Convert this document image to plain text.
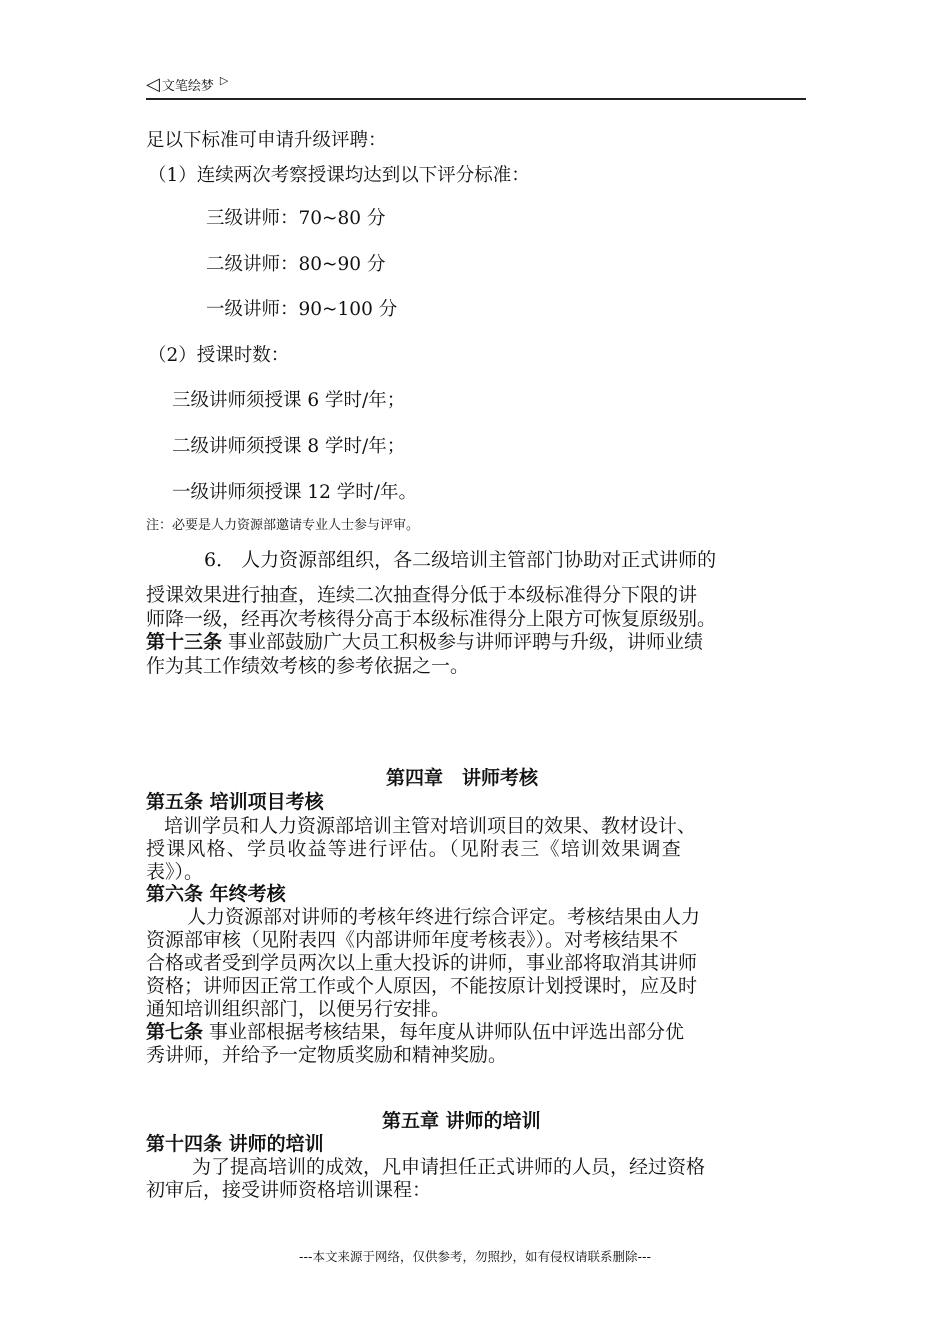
◁ 文笔绘梦 ▷
足以下标准可申请升级评聘：
（1）连续两次考察授课均达到以下评分标准：
三级讲师：70~80 分
二级讲师：80~90 分
一级讲师：90~100 分
（2）授课时数：
三级讲师须授课 6 学时/年；
二级讲师须授课 8 学时/年；
一级讲师须授课 12 学时/年。
注：必要是人力资源部邀请专业人士参与评审。
6． 人力资源部组织，各二级培训主管部门协助对正式讲师的
授课效果进行抽查，连续二次抽查得分低于本级标准得分下限的讲
师降一级，经再次考核得分高于本级标准得分上限方可恢复原级别。
第十三条 事业部鼓励广大员工积极参与讲师评聘与升级，讲师业绩
作为其工作绩效考核的参考依据之一。
第四章　讲师考核
第五条 培训项目考核
培训学员和人力资源部培训主管对培训项目的效果、教材设计、
授课风格、学员收益等进行评估。（见附表三《培训效果调查
表》）。
第六条 年终考核
人力资源部对讲师的考核年终进行综合评定。考核结果由人力
资源部审核（见附表四《内部讲师年度考核表》）。对考核结果不
合格或者受到学员两次以上重大投诉的讲师，事业部将取消其讲师
资格；讲师因正常工作或个人原因，不能按原计划授课时，应及时
通知培训组织部门，以便另行安排。
第七条 事业部根据考核结果，每年度从讲师队伍中评选出部分优
秀讲师，并给予一定物质奖励和精神奖励。
第五章 讲师的培训
第十四条 讲师的培训
为了提高培训的成效，凡申请担任正式讲师的人员，经过资格
初审后，接受讲师资格培训课程：
---本文来源于网络，仅供参考，勿照抄，如有侵权请联系删除---
